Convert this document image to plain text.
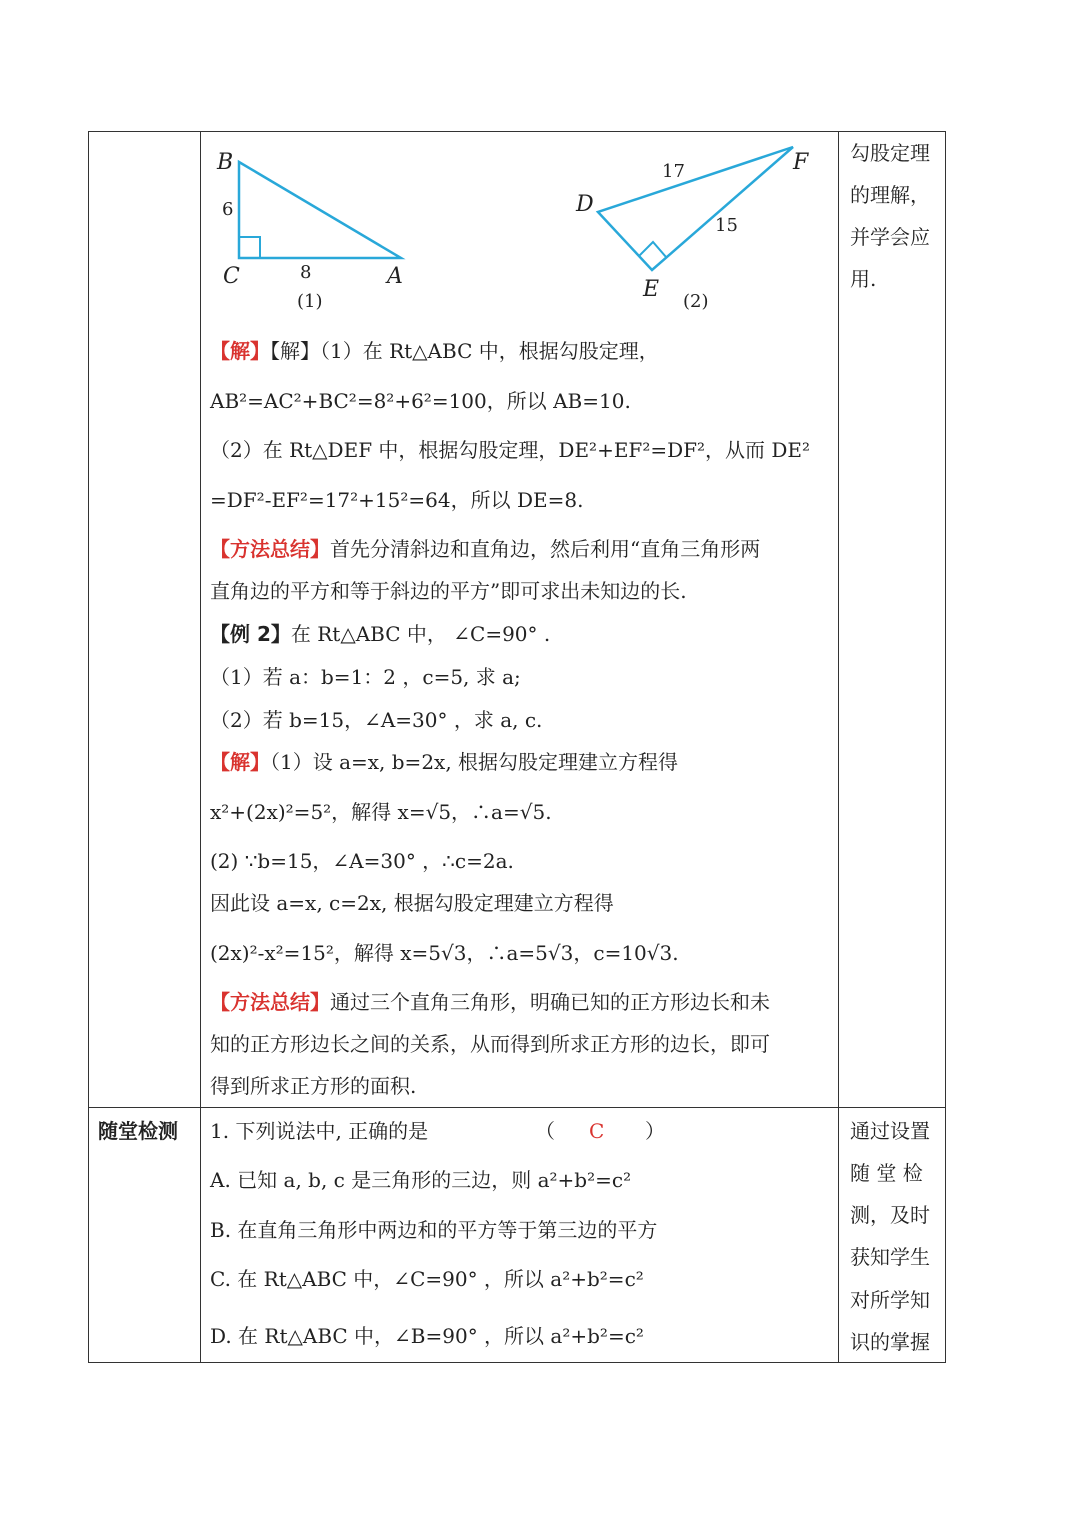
B
C	A
6
8
(1)
D
E
F
17
15
(2)
勾股定理
的理解，
并学会应
用.
【解】【解】（1）在 Rt△ABC 中，根据勾股定理，
AB²=AC²+BC²=8²+6²=100，所以 AB=10.
（2）在 Rt△DEF 中，根据勾股定理，DE²+EF²=DF²，从而 DE²
=DF²-EF²=17²+15²=64，所以 DE=8.
【方法总结】首先分清斜边和直角边，然后利用“直角三角形两
直角边的平方和等于斜边的平方”即可求出未知边的长.
【例 2】在 Rt△ABC 中， ∠C=90° .
（1）若 a：b=1：2 ，c=5, 求 a;
（2）若 b=15，∠A=30° ，求 a, c.
【解】（1）设 a=x, b=2x, 根据勾股定理建立方程得
x²+(2x)²=5²，解得 x=√5，∴a=√5.
(2) ∵b=15，∠A=30° ，∴c=2a.
因此设 a=x, c=2x, 根据勾股定理建立方程得
(2x)²-x²=15²，解得 x=5√3，∴a=5√3，c=10√3.
【方法总结】通过三个直角三角形，明确已知的正方形边长和未
知的正方形边长之间的关系，从而得到所求正方形的边长，即可
得到所求正方形的面积.
随堂检测 1. 下列说法中, 正确的是	（ C ）
A. 已知 a, b, c 是三角形的三边，则 a²+b²=c²
B. 在直角三角形中两边和的平方等于第三边的平方
C. 在 Rt△ABC 中，∠C=90° ，所以 a²+b²=c²
D. 在 Rt△ABC 中，∠B=90° ，所以 a²+b²=c²
通过设置
随 堂 检
测，及时
获知学生
对所学知
识的掌握
